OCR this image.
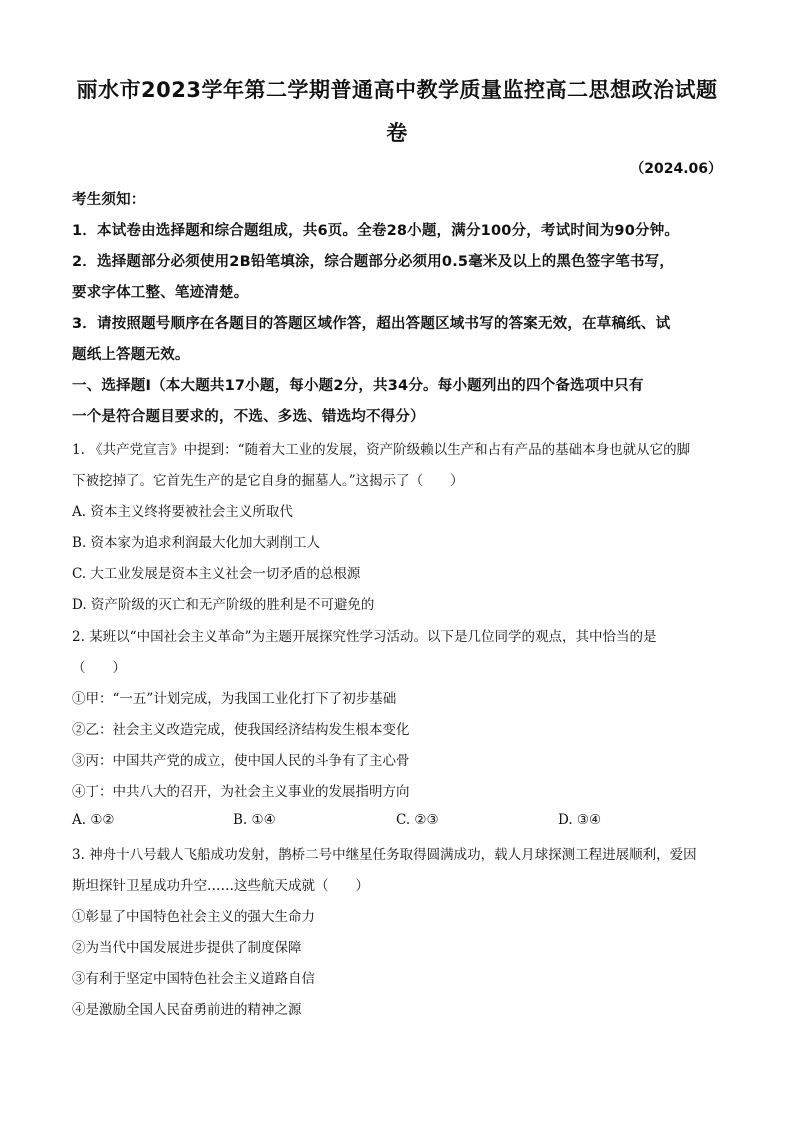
丽水市2023学年第二学期普通高中教学质量监控高二思想政治试题
卷
（2024.06）
考生须知：
1．本试卷由选择题和综合题组成，共6页。全卷28小题，满分100分，考试时间为90分钟。
2．选择题部分必须使用2B铅笔填涂，综合题部分必须用0.5毫米及以上的黑色签字笔书写，
要求字体工整、笔迹清楚。
3．请按照题号顺序在各题目的答题区域作答，超出答题区域书写的答案无效，在草稿纸、试
题纸上答题无效。
一、选择题Ⅰ（本大题共17小题，每小题2分，共34分。每小题列出的四个备选项中只有
一个是符合题目要求的，不选、多选、错选均不得分）
1. 《共产党宣言》中提到：“随着大工业的发展，资产阶级赖以生产和占有产品的基础本身也就从它的脚
下被挖掉了。它首先生产的是它自身的掘墓人。”这揭示了（　　）
A. 资本主义终将要被社会主义所取代
B. 资本家为追求利润最大化加大剥削工人
C. 大工业发展是资本主义社会一切矛盾的总根源
D. 资产阶级的灭亡和无产阶级的胜利是不可避免的
2. 某班以“中国社会主义革命”为主题开展探究性学习活动。以下是几位同学的观点，其中恰当的是
（　　）
①甲：“一五”计划完成，为我国工业化打下了初步基础
②乙：社会主义改造完成，使我国经济结构发生根本变化
③丙：中国共产党的成立，使中国人民的斗争有了主心骨
④丁：中共八大的召开，为社会主义事业的发展指明方向
A. ①②	B. ①④	C. ②③	D. ③④
3. 神舟十八号载人飞船成功发射，鹊桥二号中继星任务取得圆满成功，载人月球探测工程进展顺利，爱因
斯坦探针卫星成功升空……这些航天成就（　　）
①彰显了中国特色社会主义的强大生命力
②为当代中国发展进步提供了制度保障
③有利于坚定中国特色社会主义道路自信
④是激励全国人民奋勇前进的精神之源
